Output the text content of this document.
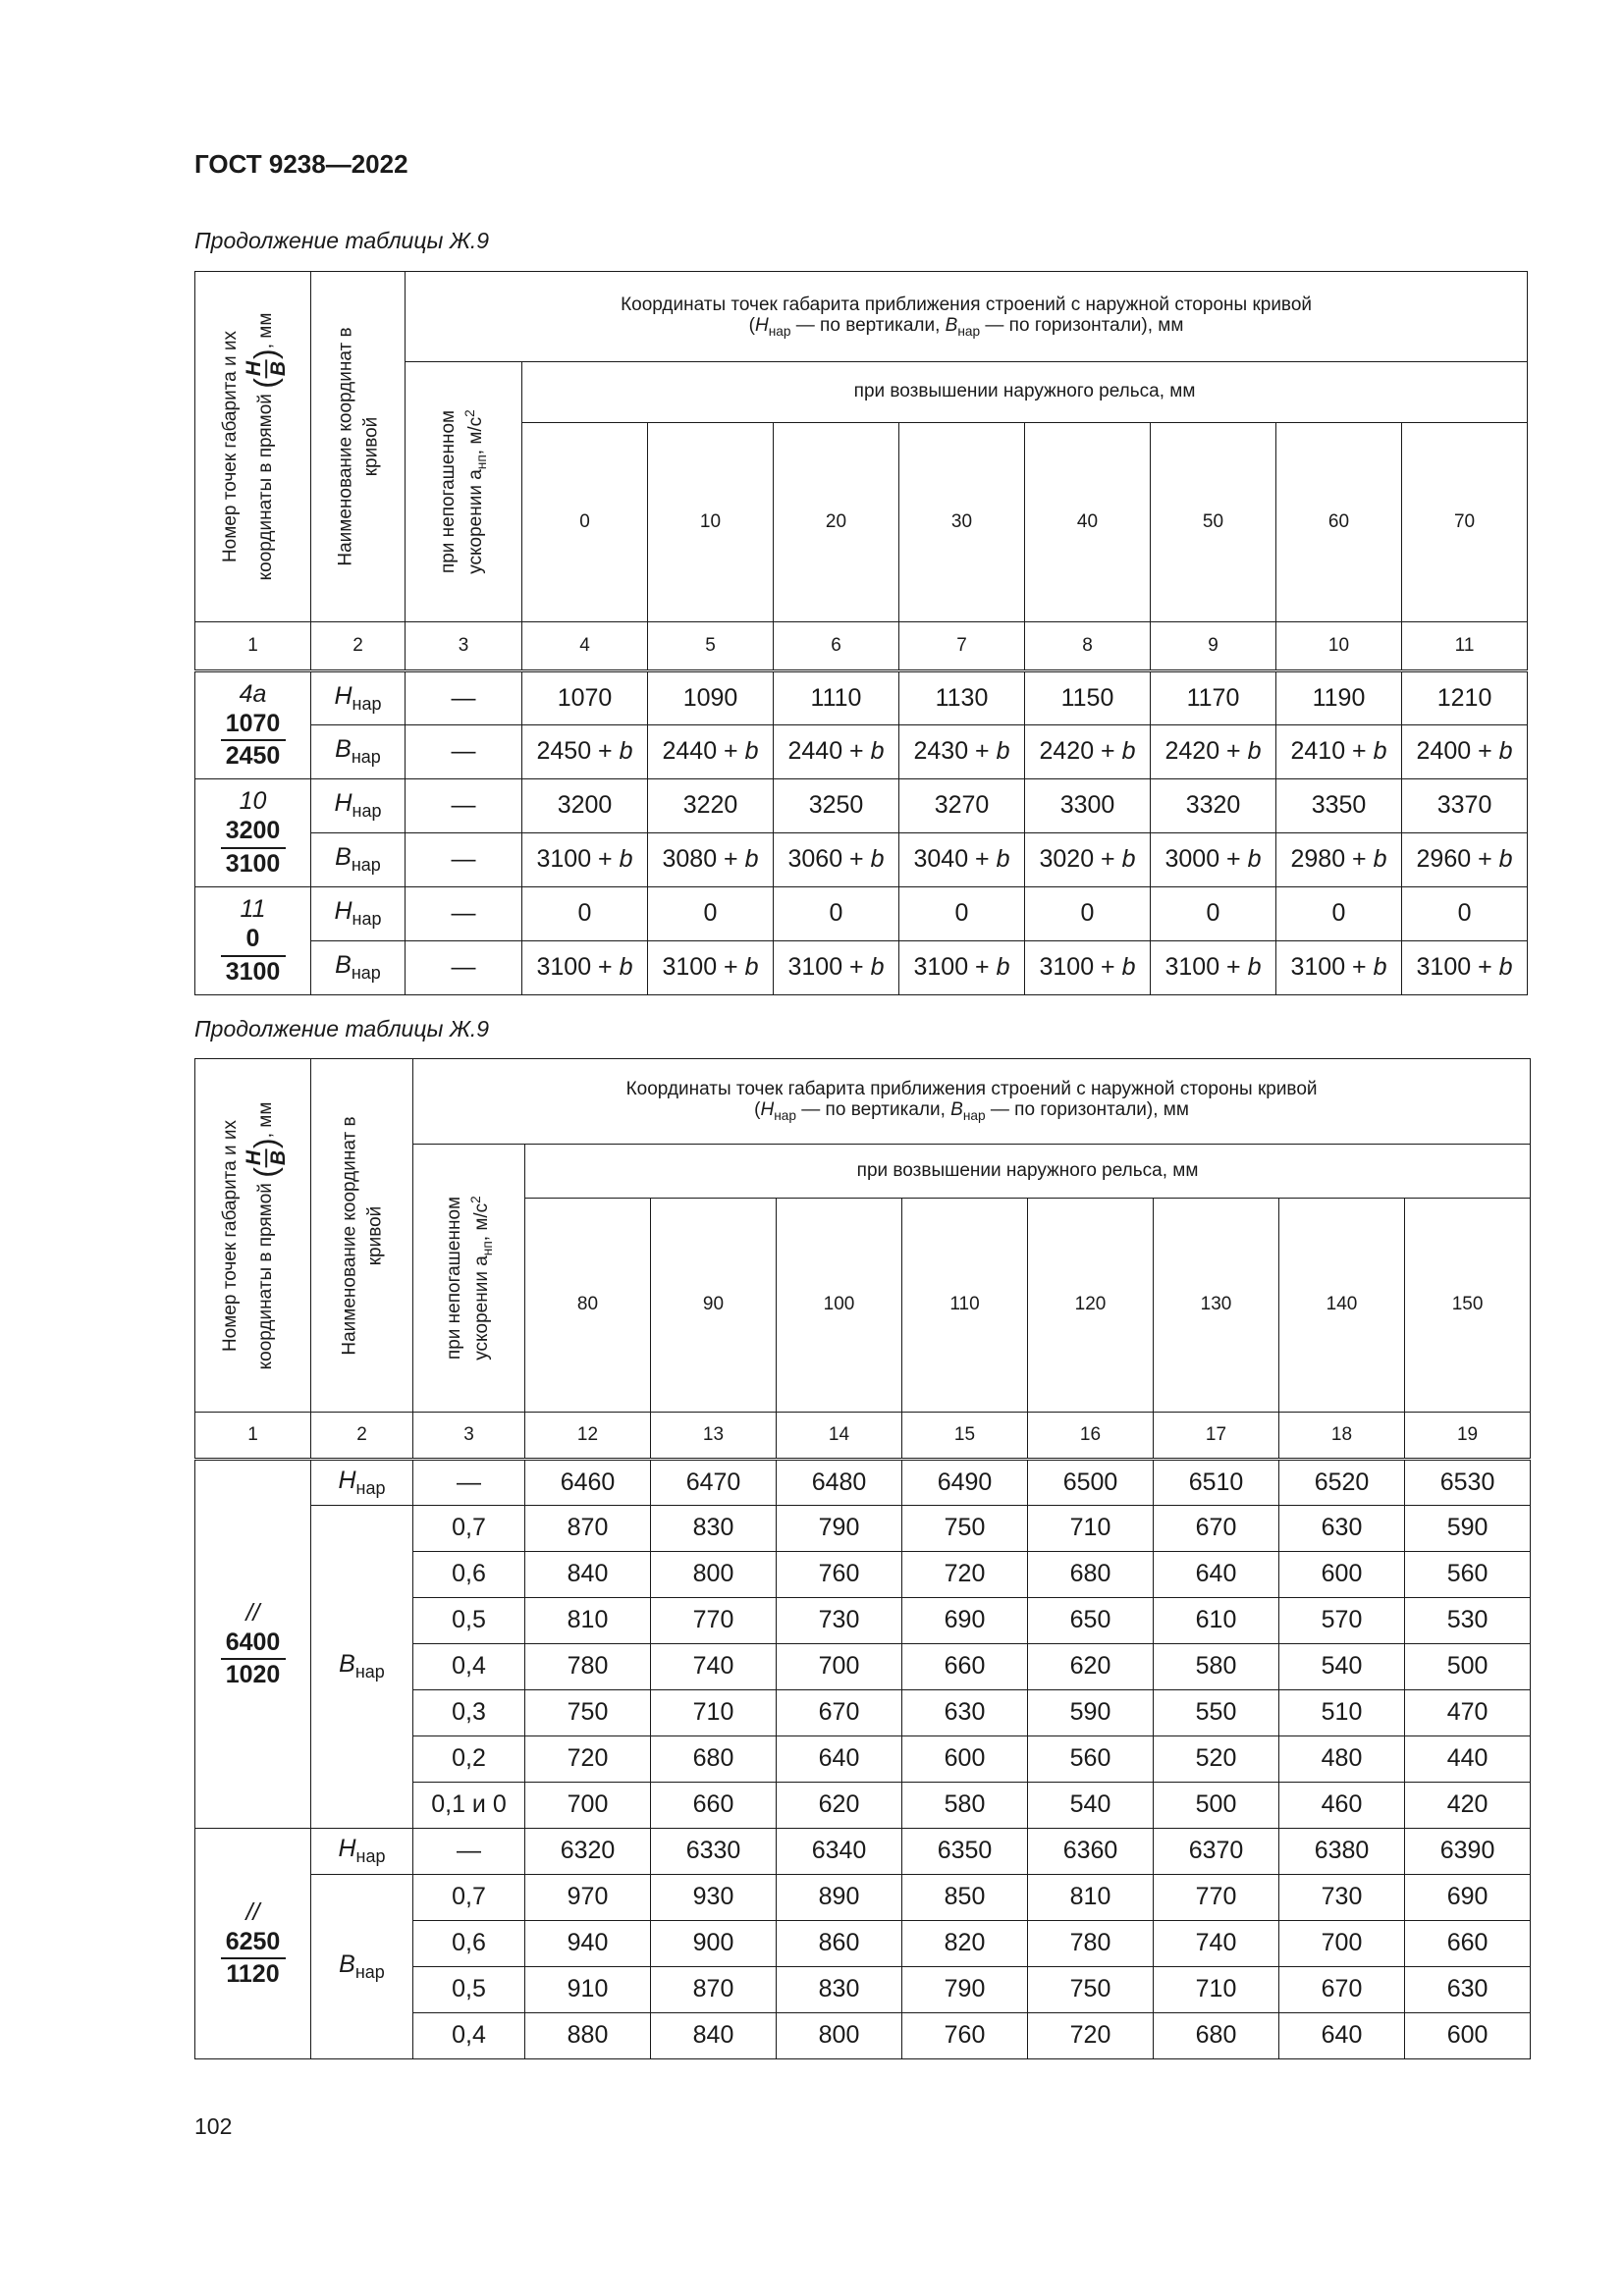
ГОСТ 9238—2022

Продолжение таблицы Ж.9

Номер точек габарита и их координаты в прямой (
H B
), мм	Наименование координат в кривой	Координаты точек габарита приближения строений с наружной стороны кривой
($H_{нар}$ — по вертикали, $B_{нар}$ — по горизонтали), мм								

		при непогашенном ускорении $a_{нп}$, $м/с^2$	при возвышении наружного рельса, мм							
			0	10	20	30	40	50	60	70
1	2	3	4	5	6	7	8	9	10	11

4а
1070
2450	$H_{нар}$	—	1070	1090	1110	1130	1150	1170	1190	1210
	$B_{нар}$	—	2450 + b	2440 + b	2440 + b	2430 + b	2420 + b	2420 + b	2410 + b	2400 + b

10
3200
3100	$H_{нар}$	—	3200	3220	3250	3270	3300	3320	3350	3370
	$B_{нар}$	—	3100 + b	3080 + b	3060 + b	3040 + b	3020 + b	3000 + b	2980 + b	2960 + b

11
0
3100	$H_{нар}$	—	0	0	0	0	0	0	0	0
	$B_{нар}$	—	3100 + b	3100 + b	3100 + b	3100 + b	3100 + b	3100 + b	3100 + b	3100 + b

Продолжение таблицы Ж.9

Номер точек габарита и их координаты в прямой (
H B
), мм	Наименование координат в кривой	Координаты точек габарита приближения строений с наружной стороны кривой
($H_{нар}$ — по вертикали, $B_{нар}$ — по горизонтали), мм								

		при непогашенном ускорении $a_{нп}$, $м/с^2$	при возвышении наружного рельса, мм							
			80	90	100	110	120	130	140	150
1	2	3	12	13	14	15	16	17	18	19

//
6400
1020	$H_{нар}$	—	6460	6470	6480	6490	6500	6510	6520	6530
	$B_{нар}$	0,7	870	830	790	750	710	670	630	590
		0,6	840	800	760	720	680	640	600	560
		0,5	810	770	730	690	650	610	570	530
		0,4	780	740	700	660	620	580	540	500
		0,3	750	710	670	630	590	550	510	470
		0,2	720	680	640	600	560	520	480	440
		0,1 и 0	700	660	620	580	540	500	460	420

//
6250
1120	$H_{нар}$	—	6320	6330	6340	6350	6360	6370	6380	6390
	$B_{нар}$	0,7	970	930	890	850	810	770	730	690
		0,6	940	900	860	820	780	740	700	660
		0,5	910	870	830	790	750	710	670	630
		0,4	880	840	800	760	720	680	640	600

102
